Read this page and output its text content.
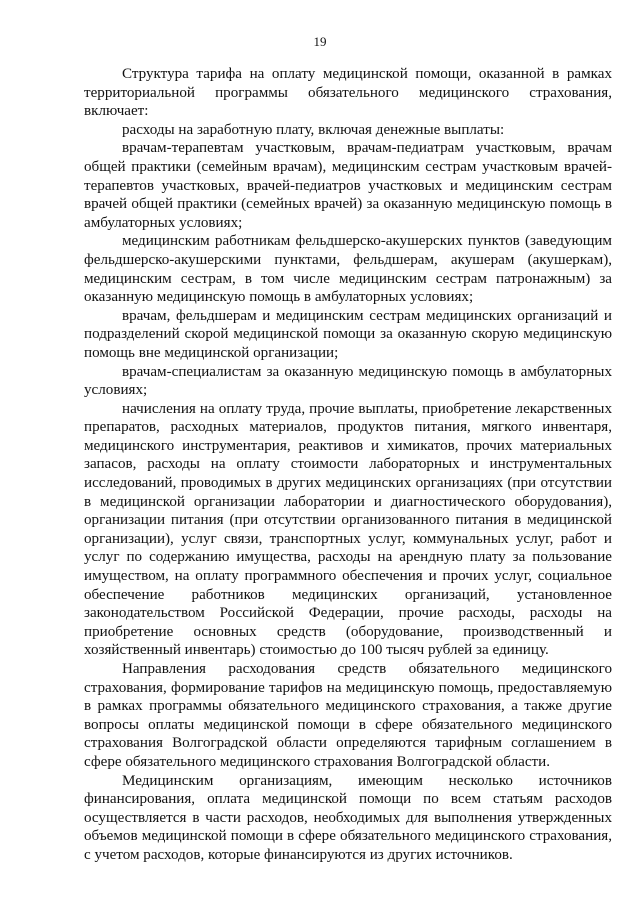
19

Структура тарифа на оплату медицинской помощи, оказанной в рамках территориальной программы обязательного медицинского страхования, включает:

расходы на заработную плату, включая денежные выплаты:

врачам-терапевтам участковым, врачам-педиатрам участковым, врачам общей практики (семейным врачам), медицинским сестрам участковым врачей-терапевтов участковых, врачей-педиатров участковых и медицинским сестрам врачей общей практики (семейных врачей) за оказанную медицинскую помощь в амбулаторных условиях;

медицинским работникам фельдшерско-акушерских пунктов (заведующим фельдшерско-акушерскими пунктами, фельдшерам, акушерам (акушеркам), медицинским сестрам, в том числе медицинским сестрам патронажным) за оказанную медицинскую помощь в амбулаторных условиях;

врачам, фельдшерам и медицинским сестрам медицинских организаций и подразделений скорой медицинской помощи за оказанную скорую медицинскую помощь вне медицинской организации;

врачам-специалистам за оказанную медицинскую помощь в амбулаторных условиях;

начисления на оплату труда, прочие выплаты, приобретение лекарственных препаратов, расходных материалов, продуктов питания, мягкого инвентаря, медицинского инструментария, реактивов и химикатов, прочих материальных запасов, расходы на оплату стоимости лабораторных и инструментальных исследований, проводимых в других медицинских организациях (при отсутствии в медицинской организации лаборатории и диагностического оборудования), организации питания (при отсутствии организованного питания в медицинской организации), услуг связи, транспортных услуг, коммунальных услуг, работ и услуг по содержанию имущества, расходы на арендную плату за пользование имуществом, на оплату программного обеспечения и прочих услуг, социальное обеспечение работников медицинских организаций, установленное законодательством Российской Федерации, прочие расходы, расходы на приобретение основных средств (оборудование, производственный и хозяйственный инвентарь) стоимостью до 100 тысяч рублей за единицу.

Направления расходования средств обязательного медицинского страхования, формирование тарифов на медицинскую помощь, предоставляемую в рамках программы обязательного медицинского страхования, а также другие вопросы оплаты медицинской помощи в сфере обязательного медицинского страхования Волгоградской области определяются тарифным соглашением в сфере обязательного медицинского страхования Волгоградской области.

Медицинским организациям, имеющим несколько источников финансирования, оплата медицинской помощи по всем статьям расходов осуществляется в части расходов, необходимых для выполнения утвержденных объемов медицинской помощи в сфере обязательного медицинского страхования, с учетом расходов, которые финансируются из других источников.
